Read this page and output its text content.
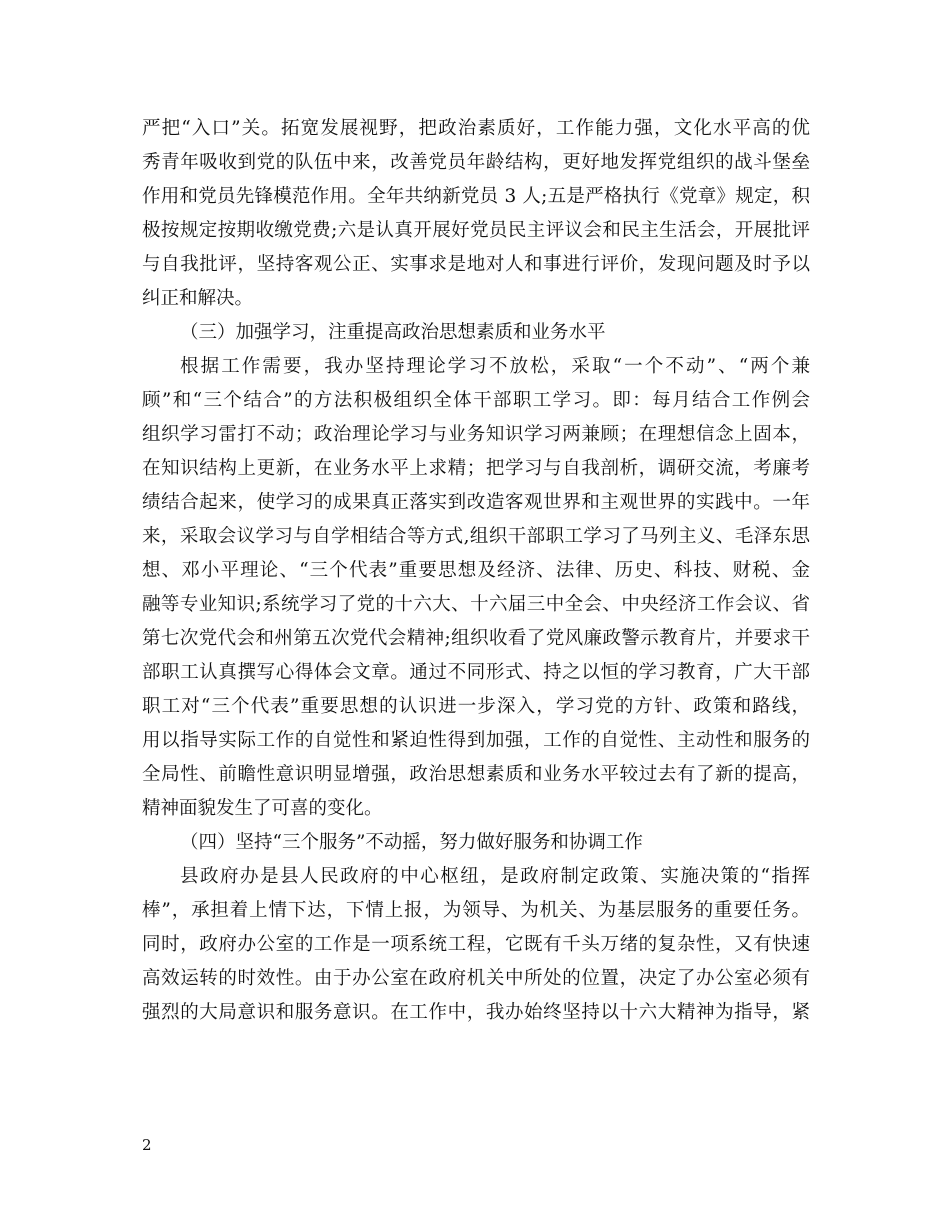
严把“入口”关。拓宽发展视野，把政治素质好，工作能力强，文化水平高的优
秀青年吸收到党的队伍中来，改善党员年龄结构，更好地发挥党组织的战斗堡垒
作用和党员先锋模范作用。全年共纳新党员 3 人;五是严格执行《党章》规定，积
极按规定按期收缴党费;六是认真开展好党员民主评议会和民主生活会，开展批评
与自我批评，坚持客观公正、实事求是地对人和事进行评价，发现问题及时予以
纠正和解决。
（三）加强学习，注重提高政治思想素质和业务水平
根据工作需要，我办坚持理论学习不放松，采取“一个不动”、“两个兼
顾”和“三个结合”的方法积极组织全体干部职工学习。即：每月结合工作例会
组织学习雷打不动；政治理论学习与业务知识学习两兼顾；在理想信念上固本，
在知识结构上更新，在业务水平上求精；把学习与自我剖析，调研交流，考廉考
绩结合起来，使学习的成果真正落实到改造客观世界和主观世界的实践中。一年
来，采取会议学习与自学相结合等方式,组织干部职工学习了马列主义、毛泽东思
想、邓小平理论、“三个代表”重要思想及经济、法律、历史、科技、财税、金
融等专业知识;系统学习了党的十六大、十六届三中全会、中央经济工作会议、省
第七次党代会和州第五次党代会精神;组织收看了党风廉政警示教育片，并要求干
部职工认真撰写心得体会文章。通过不同形式、持之以恒的学习教育，广大干部
职工对“三个代表”重要思想的认识进一步深入，学习党的方针、政策和路线，
用以指导实际工作的自觉性和紧迫性得到加强，工作的自觉性、主动性和服务的
全局性、前瞻性意识明显增强，政治思想素质和业务水平较过去有了新的提高，
精神面貌发生了可喜的变化。
（四）坚持“三个服务”不动摇，努力做好服务和协调工作
县政府办是县人民政府的中心枢纽，是政府制定政策、实施决策的“指挥
棒”，承担着上情下达，下情上报，为领导、为机关、为基层服务的重要任务。
同时，政府办公室的工作是一项系统工程，它既有千头万绪的复杂性，又有快速
高效运转的时效性。由于办公室在政府机关中所处的位置，决定了办公室必须有
强烈的大局意识和服务意识。在工作中，我办始终坚持以十六大精神为指导，紧
2
